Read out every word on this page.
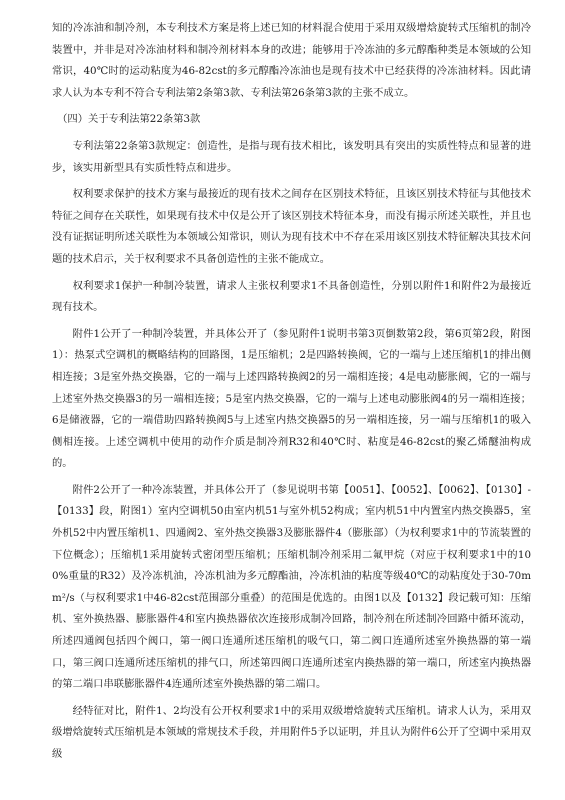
知的冷冻油和制冷剂，本专利技术方案是将上述已知的材料混合使用于采用双级增焓旋转式压缩机的制冷装置中，并非是对冷冻油材料和制冷剂材料本身的改进；能够用于冷冻油的多元醇酯种类是本领域的公知常识，40℃时的运动粘度为46-82cst的多元醇酯冷冻油也是现有技术中已经获得的冷冻油材料。因此请求人认为本专利不符合专利法第2条第3款、专利法第26条第3款的主张不成立。

（四）关于专利法第22条第3款

专利法第22条第3款规定：创造性，是指与现有技术相比，该发明具有突出的实质性特点和显著的进步，该实用新型具有实质性特点和进步。

权利要求保护的技术方案与最接近的现有技术之间存在区别技术特征，且该区别技术特征与其他技术特征之间存在关联性，如果现有技术中仅是公开了该区别技术特征本身，而没有揭示所述关联性，并且也没有证据证明所述关联性为本领域公知常识，则认为现有技术中不存在采用该区别技术特征解决其技术问题的技术启示，关于权利要求不具备创造性的主张不能成立。

权利要求1保护一种制冷装置，请求人主张权利要求1不具备创造性，分别以附件1和附件2为最接近现有技术。

附件1公开了一种制冷装置，并具体公开了（参见附件1说明书第3页倒数第2段，第6页第2段，附图1）：热泵式空调机的概略结构的回路图，1是压缩机；2是四路转换阀，它的一端与上述压缩机1的排出侧相连接；3是室外热交换器，它的一端与上述四路转换阀2的另一端相连接；4是电动膨胀阀，它的一端与上述室外热交换器3的另一端相连接；5是室内热交换器，它的一端与上述电动膨胀阀4的另一端相连接；6是储液器，它的一端借助四路转换阀5与上述室内热交换器5的另一端相连接，另一端与压缩机1的吸入侧相连接。上述空调机中使用的动作介质是制冷剂R32和40℃时、粘度是46-82cst的聚乙烯醚油构成的。

附件2公开了一种冷冻装置，并具体公开了（参见说明书第【0051】、【0052】、【0062】、【0130】-【0133】段，附图1）室内空调机50由室内机51与室外机52构成；室内机51中内置室内热交换器5，室外机52中内置压缩机1、四通阀2、室外热交换器3及膨胀器件4（膨胀部）（为权利要求1中的节流装置的下位概念）；压缩机1采用旋转式密闭型压缩机；压缩机制冷剂采用二氟甲烷（对应于权利要求1中的100%重量的R32）及冷冻机油，冷冻机油为多元醇酯油，冷冻机油的粘度等级40℃的动粘度处于30-70mm²/s（与权利要求1中46-82cst范围部分重叠）的范围是优选的。由图1以及【0132】段记载可知：压缩机、室外换热器、膨胀器件4和室内换热器依次连接形成制冷回路，制冷剂在所述制冷回路中循环流动，所述四通阀包括四个阀口，第一阀口连通所述压缩机的吸气口，第二阀口连通所述室外换热器的第一端口，第三阀口连通所述压缩机的排气口，所述第四阀口连通所述室内换热器的第一端口，所述室内换热器的第二端口串联膨胀器件4连通所述室外换热器的第二端口。

经特征对比，附件1、2均没有公开权利要求1中的采用双级增焓旋转式压缩机。请求人认为，采用双级增焓旋转式压缩机是本领域的常规技术手段，并用附件5予以证明，并且认为附件6公开了空调中采用双级
